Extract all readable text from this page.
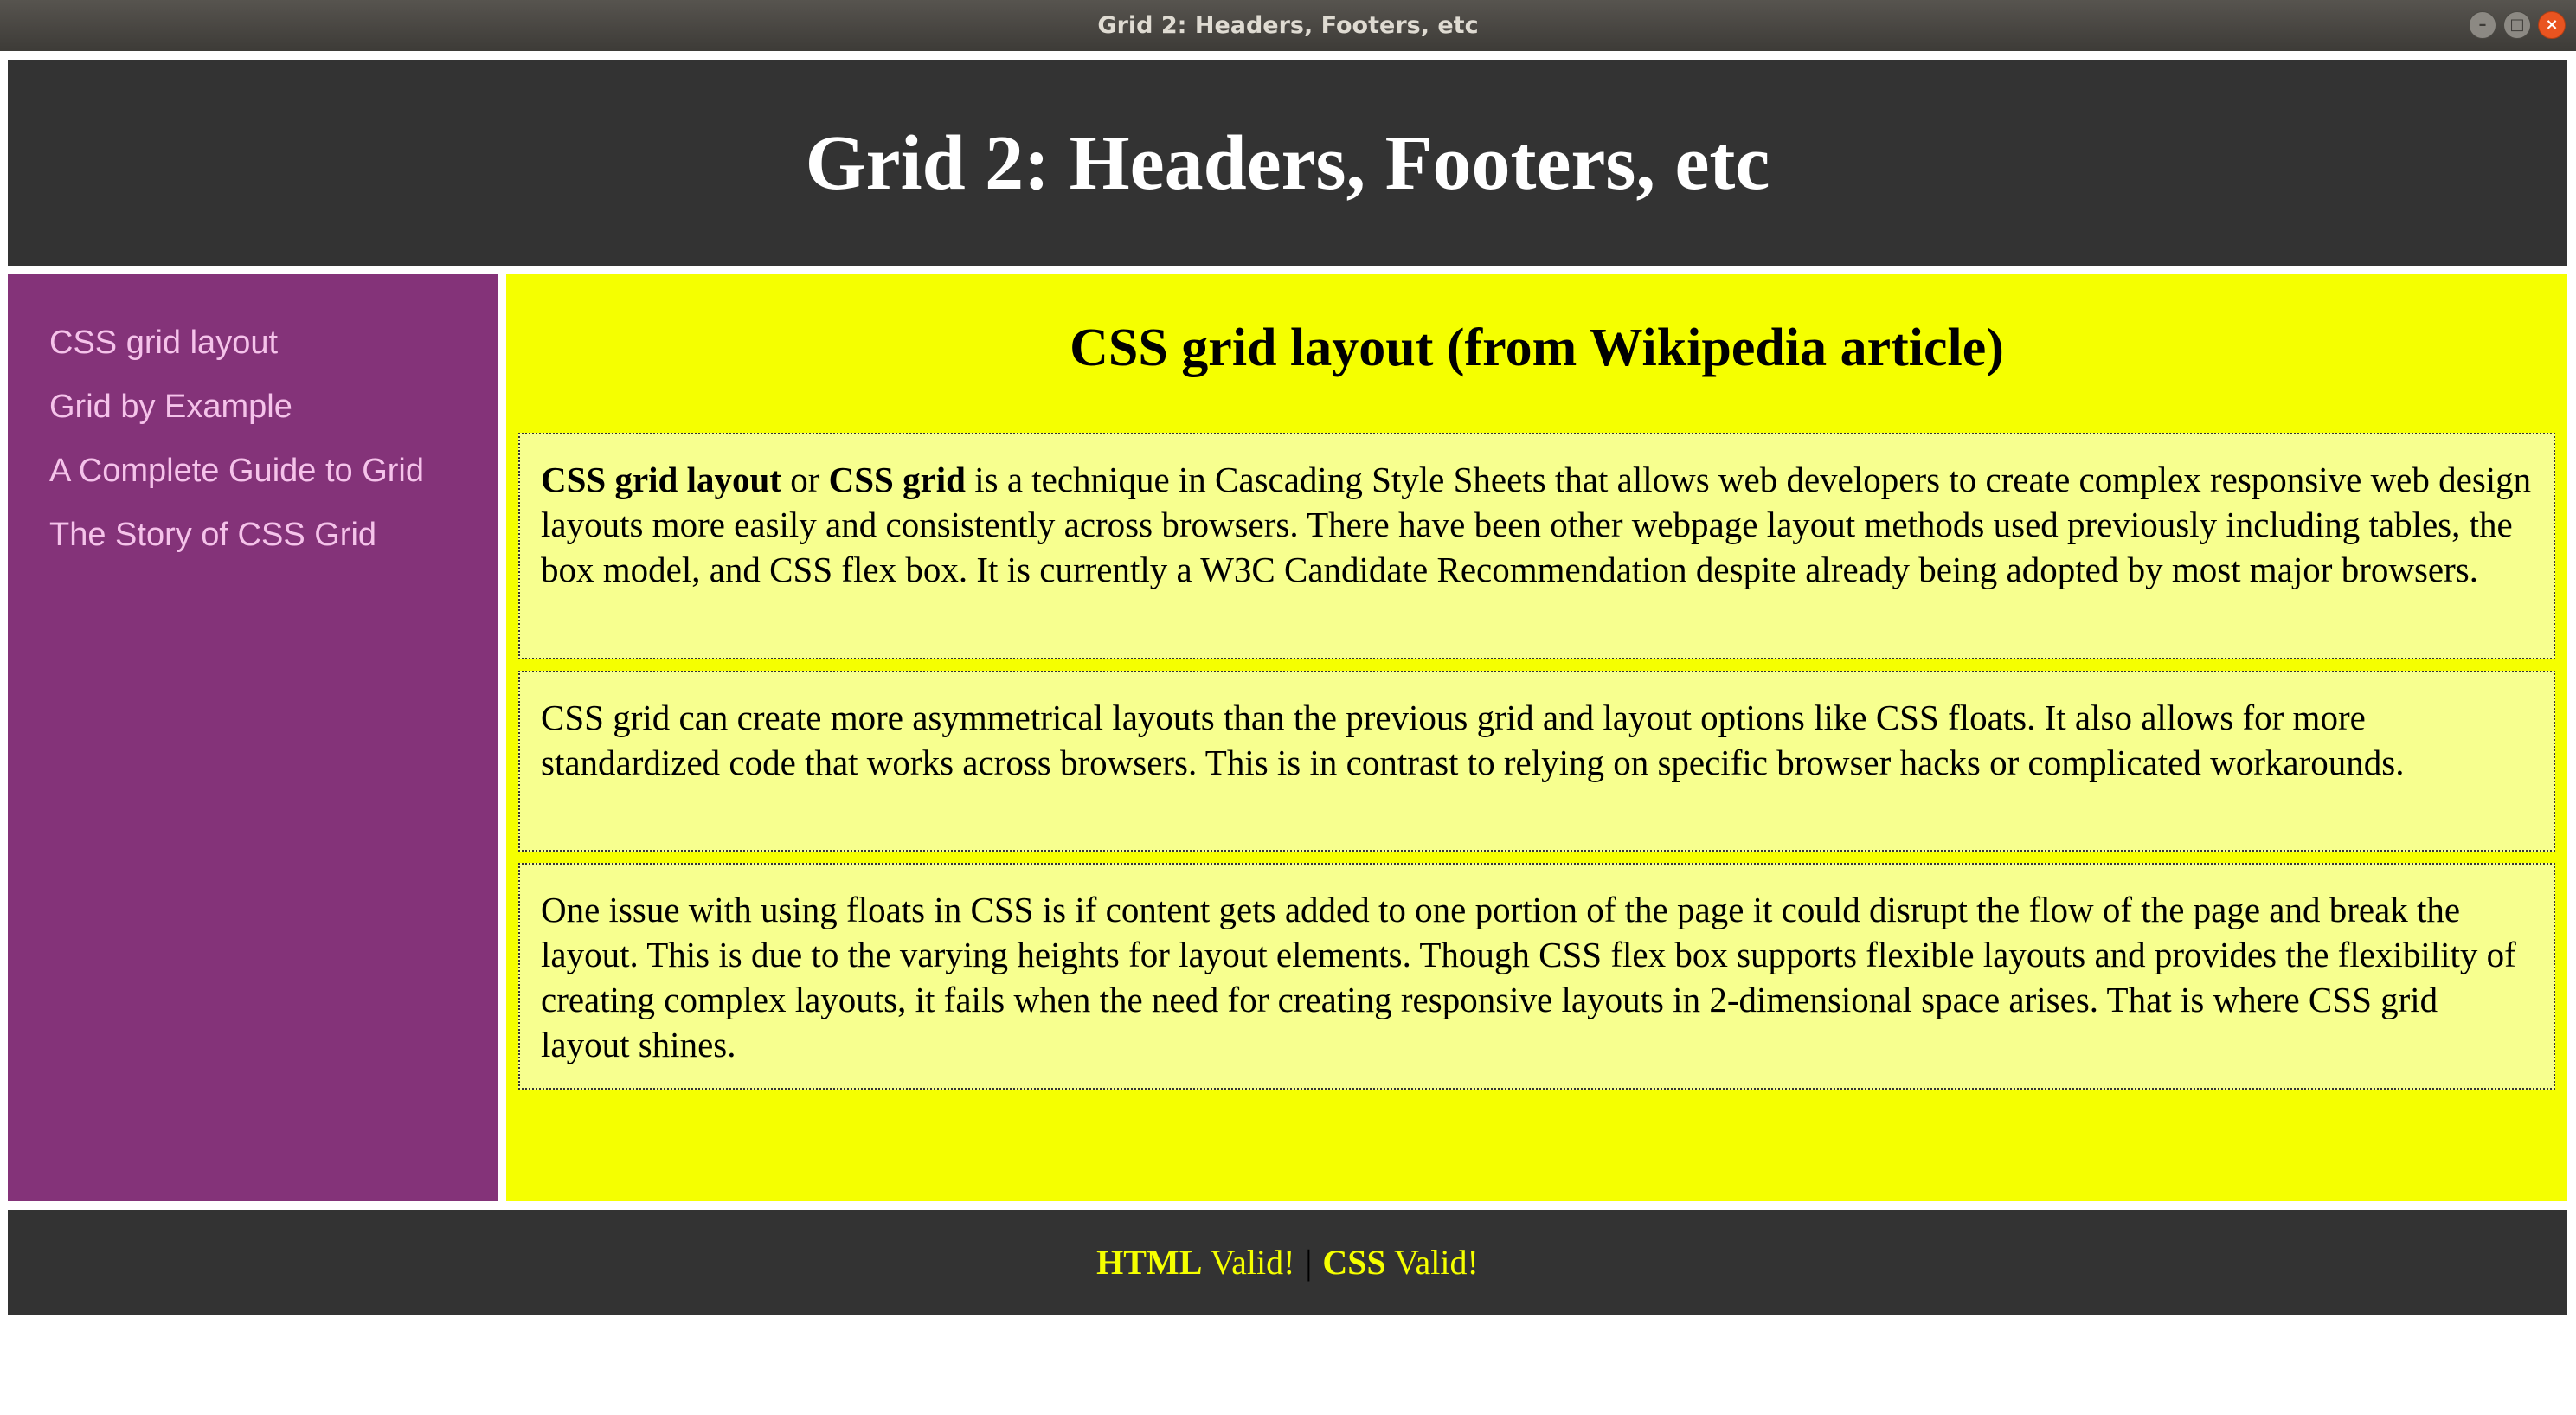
Grid 2: Headers, Footers, etc	–	□	×
Grid 2: Headers, Footers, etc
CSS grid layout
Grid by Example
A Complete Guide to Grid
The Story of CSS Grid
CSS grid layout (from Wikipedia article)
CSS grid layout or CSS grid is a technique in Cascading Style Sheets that allows web developers to create complex responsive web design layouts more easily and consistently across browsers. There have been other webpage layout methods used previously including tables, the box model, and CSS flex box. It is currently a W3C Candidate Recommendation despite already being adopted by most major browsers.
CSS grid can create more asymmetrical layouts than the previous grid and layout options like CSS floats. It also allows for more standardized code that works across browsers. This is in contrast to relying on specific browser hacks or complicated workarounds.
One issue with using floats in CSS is if content gets added to one portion of the page it could disrupt the flow of the page and break the layout. This is due to the varying heights for layout elements. Though CSS flex box supports flexible layouts and provides the flexibility of creating complex layouts, it fails when the need for creating responsive layouts in 2-dimensional space arises. That is where CSS grid layout shines.
HTML Valid! | CSS Valid!
